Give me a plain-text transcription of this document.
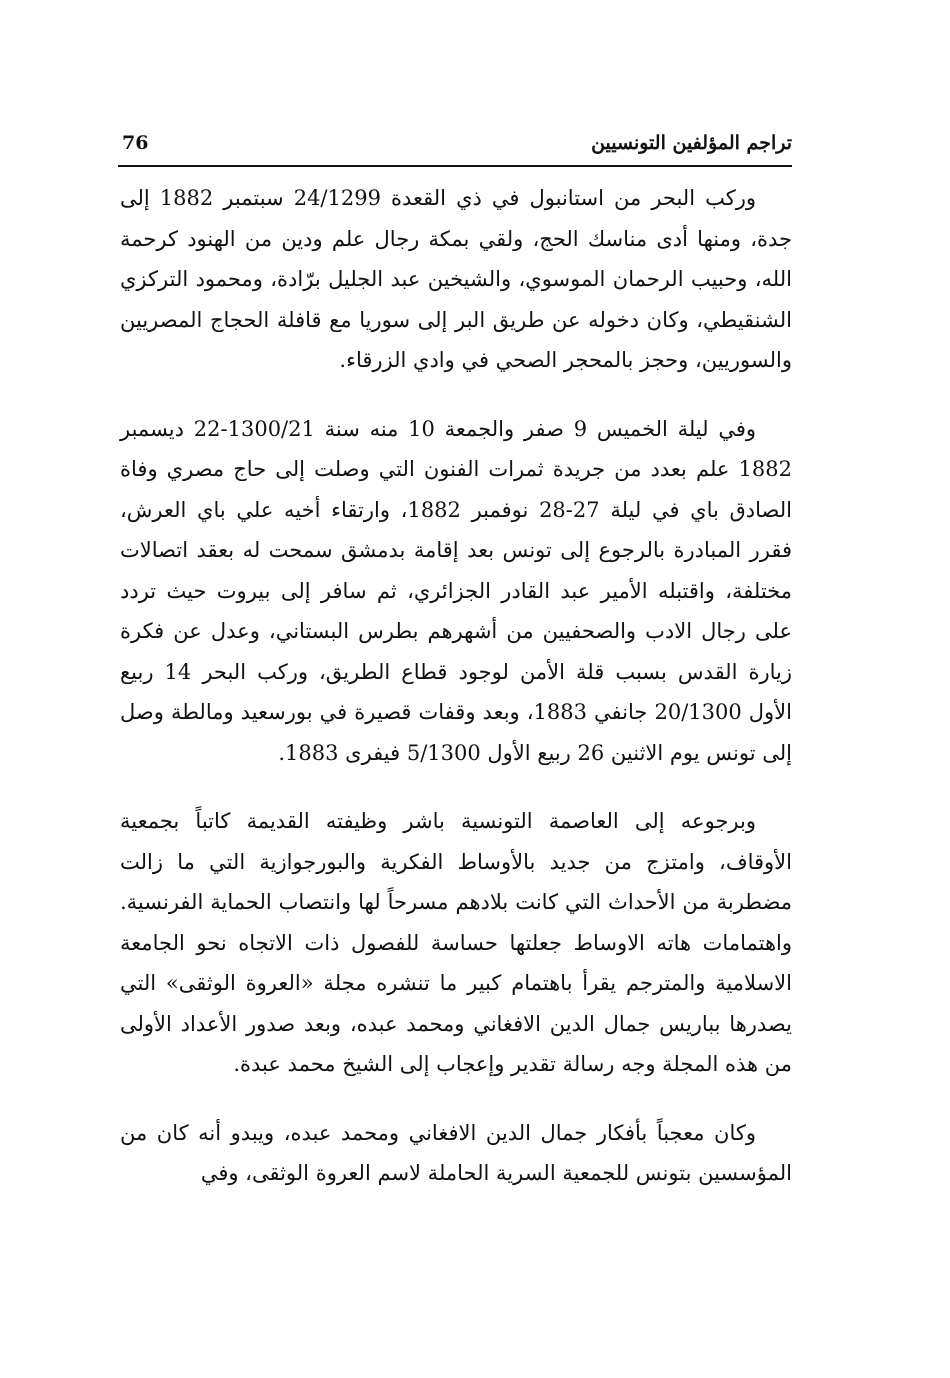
تراجم المؤلفين التونسيين
76

وركب البحر من استانبول في ذي القعدة 24/1299 سبتمبر 1882 إلى جدة، ومنها أدى مناسك الحج، ولقي بمكة رجال علم ودين من الهنود كرحمة الله، وحبيب الرحمان الموسوي، والشيخين عبد الجليل برّادة، ومحمود التركزي الشنقيطي، وكان دخوله عن طريق البر إلى سوريا مع قافلة الحجاج المصريين والسوريين، وحجز بالمحجر الصحي في وادي الزرقاء.

وفي ليلة الخميس 9 صفر والجمعة 10 منه سنة 1300/21-22 ديسمبر 1882 علم بعدد من جريدة ثمرات الفنون التي وصلت إلى حاج مصري وفاة الصادق باي في ليلة 27-28 نوفمبر 1882، وارتقاء أخيه علي باي العرش، فقرر المبادرة بالرجوع إلى تونس بعد إقامة بدمشق سمحت له بعقد اتصالات مختلفة، واقتبله الأمير عبد القادر الجزائري، ثم سافر إلى بيروت حيث تردد على رجال الادب والصحفيين من أشهرهم بطرس البستاني، وعدل عن فكرة زيارة القدس بسبب قلة الأمن لوجود قطاع الطريق، وركب البحر 14 ربيع الأول 20/1300 جانفي 1883، وبعد وقفات قصيرة في بورسعيد ومالطة وصل إلى تونس يوم الاثنين 26 ربيع الأول 5/1300 فيفرى 1883.

وبرجوعه إلى العاصمة التونسية باشر وظيفته القديمة كاتباً بجمعية الأوقاف، وامتزج من جديد بالأوساط الفكرية والبورجوازية التي ما زالت مضطربة من الأحداث التي كانت بلادهم مسرحاً لها وانتصاب الحماية الفرنسية. واهتمامات هاته الاوساط جعلتها حساسة للفصول ذات الاتجاه نحو الجامعة الاسلامية والمترجم يقرأ باهتمام كبير ما تنشره مجلة «العروة الوثقى» التي يصدرها بباريس جمال الدين الافغاني ومحمد عبده، وبعد صدور الأعداد الأولى من هذه المجلة وجه رسالة تقدير وإعجاب إلى الشيخ محمد عبدة.

وكان معجباً بأفكار جمال الدين الافغاني ومحمد عبده، ويبدو أنه كان من المؤسسين بتونس للجمعية السرية الحاملة لاسم العروة الوثقى، وفي
